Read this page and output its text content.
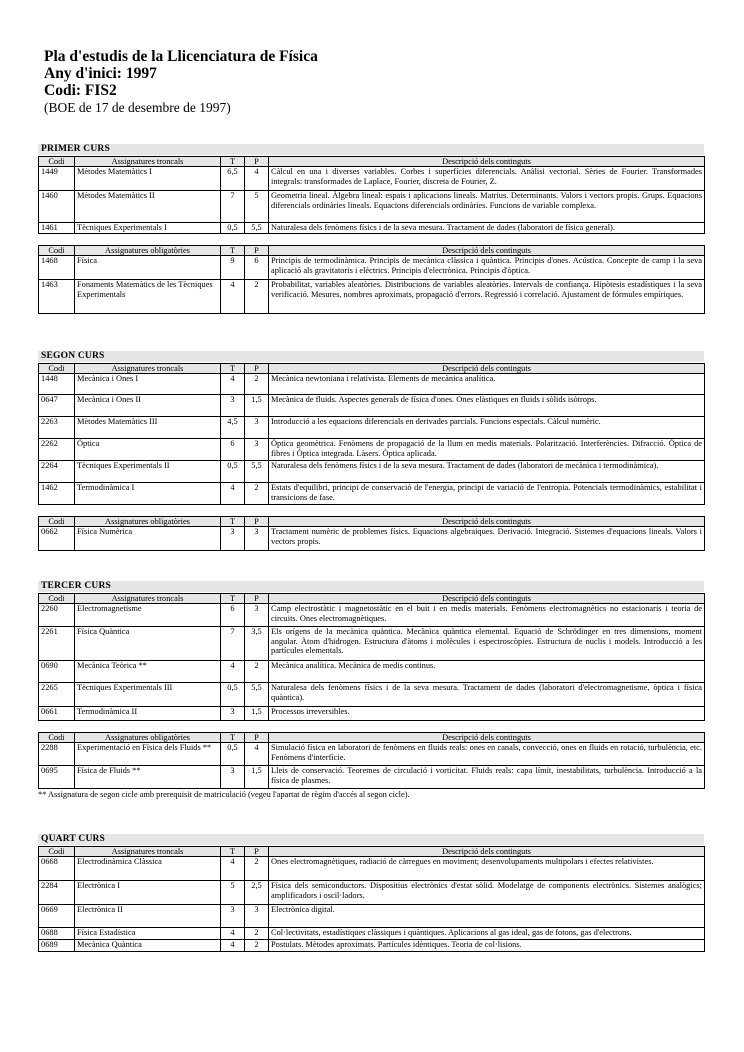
Pla d'estudis de la Llicenciatura de Física
Any d'inici: 1997
Codi: FIS2
(BOE de 17 de desembre de 1997)
PRIMER CURS
Codi	Assignatures troncals	T	P	Descripció dels continguts
1449	Mètodes Matemàtics I	6,5	4	Càlcul en una i diverses variables. Corbes i superfícies diferencials. Anàlisi vectorial. Sèries de Fourier. Transformades integrals: transformades de Laplace, Fourier, discreta de Fourier, Z.
1460	Mètodes Matemàtics II	7	5	Geometria lineal. Àlgebra lineal: espais i aplicacions lineals. Matrius. Determinants. Valors i vectors propis. Grups. Equacions diferencials ordinàries lineals. Equacions diferencials ordinàries. Funcions de variable complexa.
1461	Tècniques Experimentals I	0,5	5,5	Naturalesa dels fenòmens físics i de la seva mesura. Tractament de dades (laboratori de física general).
Codi	Assignatures obligatòries	T	P	Descripció dels continguts
1468	Física	9	6	Principis de termodinàmica. Principis de mecànica clàssica i quàntica. Principis d'ones. Acústica. Concepte de camp i la seva aplicació als gravitatoris i elèctrics. Principis d'electrònica. Principis d'òptica.
1463	Fonaments Matemàtics de les Tècniques Experimentals	4	2	Probabilitat, variables aleatòries. Distribucions de variables aleatòries. Intervals de confiança. Hipòtesis estadístiques i la seva verificació. Mesures, nombres aproximats, propagació d'errors. Regressió i correlació. Ajustament de fórmules empíriques.
SEGON CURS
Codi	Assignatures troncals	T	P	Descripció dels continguts
1448	Mecànica i Ones I	4	2	Mecànica newtoniana i relativista. Elements de mecànica analítica.
0647	Mecànica i Ones II	3	1,5	Mecànica de fluids. Aspectes generals de física d'ones. Ones elàstiques en fluids i sòlids isòtrops.
2263	Mètodes Matemàtics III	4,5	3	Introducció a les equacions diferencials en derivades parcials. Funcions especials. Càlcul numèric.
2262	Òptica	6	3	Òptica geomètrica. Fenòmens de propagació de la llum en medis materials. Polarització. Interferències. Difracció. Òptica de fibres i Òptica integrada. Làsers. Òptica aplicada.
2264	Tècniques Experimentals II	0,5	5,5	Naturalesa dels fenòmens físics i de la seva mesura. Tractament de dades (laboratori de mecànica i termodinàmica).
1462	Termodinàmica I	4	2	Estats d'equilibri, principi de conservació de l'energia, principi de variació de l'entropia. Potencials termodinàmics, estabilitat i transicions de fase.
Codi	Assignatures obligatòries	T	P	Descripció dels continguts
0662	Física Numèrica	3	3	Tractament numèric de problemes físics. Equacions algebraiques. Derivació. Integració. Sistemes d'equacions lineals. Valors i vectors propis.
TERCER CURS
Codi	Assignatures troncals	T	P	Descripció dels continguts
2260	Electromagnetisme	6	3	Camp electrostàtic i magnetostàtic en el buit i en medis materials. Fenòmens electromagnètics no estacionaris i teoria de circuits. Ones electromagnètiques.
2261	Física Quàntica	7	3,5	Els orígens de la mecànica quàntica. Mecànica quàntica elemental. Equació de Schrödinger en tres dimensions, moment angular. Àtom d'hidrogen. Estructura d'àtoms i molècules i espectroscòpies. Estructura de nuclis i models. Introducció a les partícules elementals.
0690	Mecànica Teòrica **	4	2	Mecànica analítica. Mecànica de medis continus.
2265	Tècniques Experimentals III	0,5	5,5	Naturalesa dels fenòmens físics i de la seva mesura. Tractament de dades (laboratori d'electromagnetisme, òptica i física quàntica).
0661	Termodinàmica II	3	1,5	Processos irreversibles.
Codi	Assignatures obligatòries	T	P	Descripció dels continguts
2288	Experimentació en Física dels Fluids **	0,5	4	Simulació física en laboratori de fenòmens en fluids reals: ones en canals, convecció, ones en fluids en rotació, turbulència, etc. Fenòmens d'interfície.
0695	Física de Fluids **	3	1,5	Lleis de conservació. Teoremes de circulació i vorticitat. Fluids reals: capa límit, inestabilitats, turbulència. Introducció a la física de plasmes.
** Assignatura de segon cicle amb prerequisit de matriculació (vegeu l'apartat de règim d'accés al segon cicle).
QUART CURS
Codi	Assignatures troncals	T	P	Descripció dels continguts
0668	Electrodinàmica Clàssica	4	2	Ones electromagnètiques, radiació de càrregues en moviment; desenvolupaments multipolars i efectes relativistes.
2284	Electrònica I	5	2,5	Física dels semiconductors. Dispositius electrònics d'estat sòlid. Modelatge de components electrònics. Sistemes analògics; amplificadors i oscil·ladors.
0669	Electrònica II	3	3	Electrònica digital.
0688	Física Estadística	4	2	Col·lectivitats, estadístiques clàssiques i quàntiques. Aplicacions al gas ideal, gas de fotons, gas d'electrons.
0689	Mecànica Quàntica	4	2	Postulats. Mètodes aproximats. Partícules idèntiques. Teoria de col·lisions.
